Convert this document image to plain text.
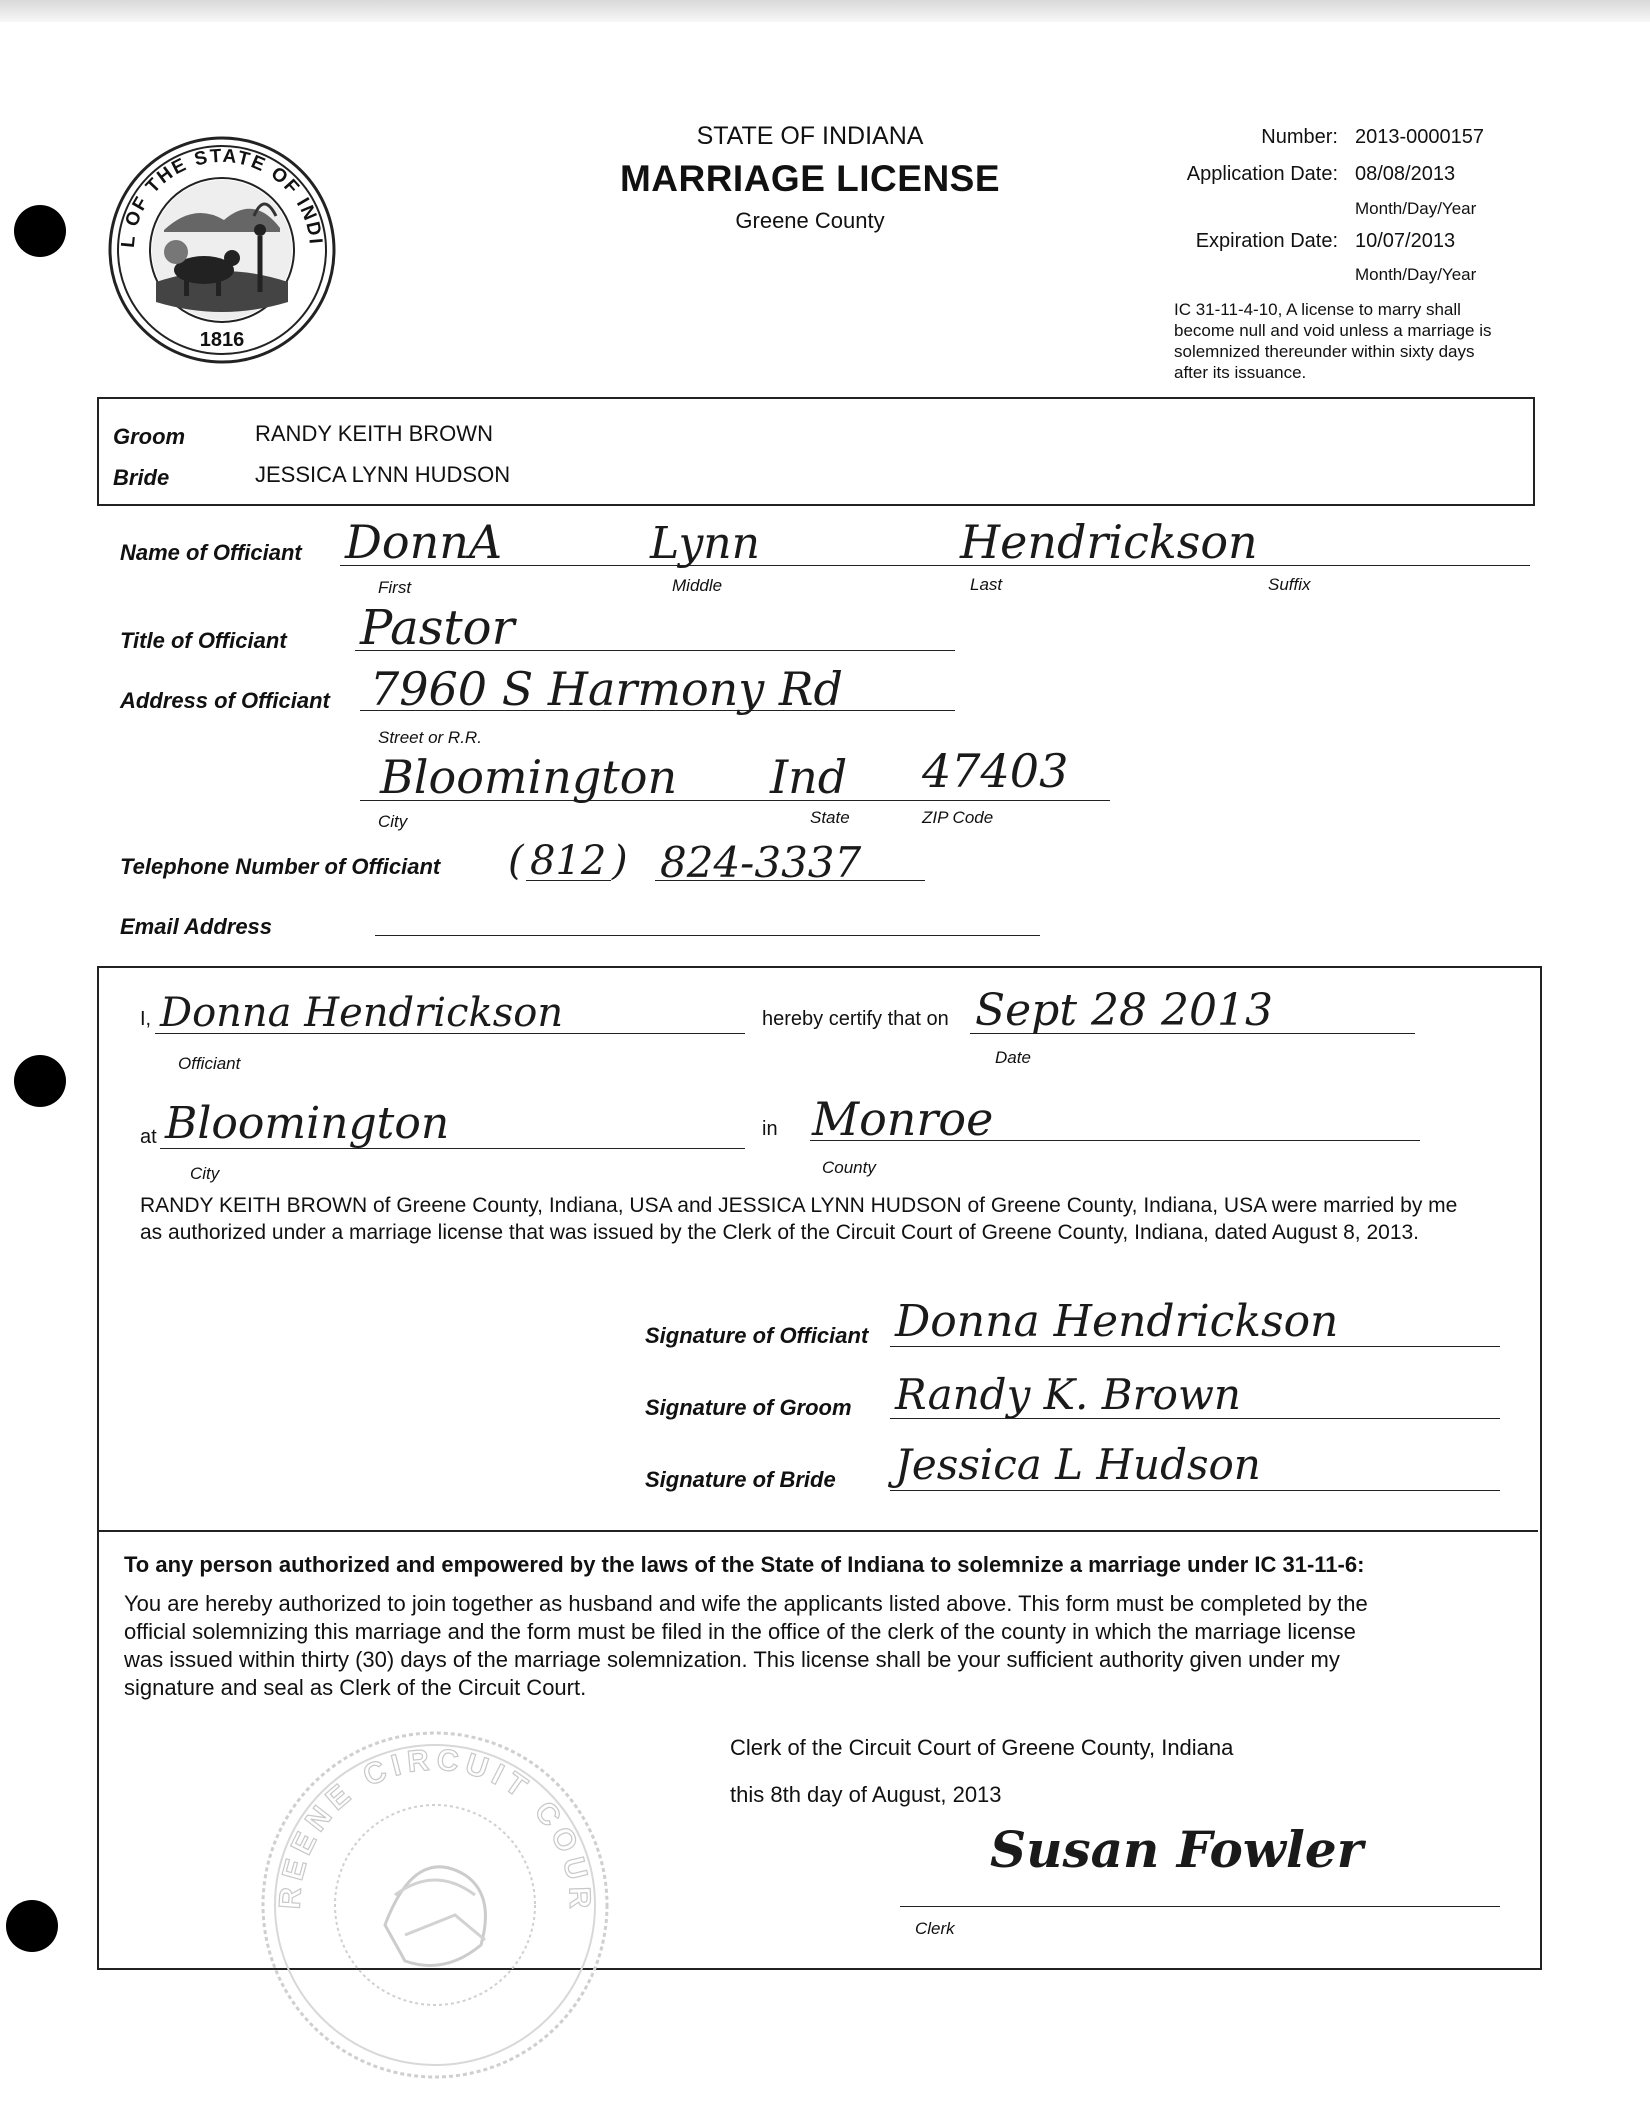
L OF THE STATE OF INDI
1816
STATE OF INDIANA
MARRIAGE LICENSE
Greene County
Number: 2013-0000157
Application Date: 08/08/2013
Month/Day/Year
Expiration Date: 10/07/2013
Month/Day/Year
IC 31-11-4-10, A license to marry shall become null and void unless a marriage is solemnized thereunder within sixty days after its issuance.
Groom	RANDY KEITH BROWN
Bride	JESSICA LYNN HUDSON
Name of Officiant DonnA	Lynn	Hendrickson
First	Middle	Last	Suffix
Title of Officiant Pastor
Address of Officiant 7960 S Harmony Rd
Street or R.R.
Bloomington Ind 47403
City	State	ZIP Code
Telephone Number of Officiant ( 812 ) 824-3337
Email Address
I, Donna Hendrickson
Officiant
hereby certify that on Sept 28 2013
Date
at Bloomington
City
in Monroe
County
RANDY KEITH BROWN of Greene County, Indiana, USA and JESSICA LYNN HUDSON of Greene County, Indiana, USA were married by me
as authorized under a marriage license that was issued by the Clerk of the Circuit Court of Greene County, Indiana, dated August 8, 2013.
Signature of Officiant Donna Hendrickson
Signature of Groom Randy K. Brown
Signature of Bride Jessica L Hudson
To any person authorized and empowered by the laws of the State of Indiana to solemnize a marriage under IC 31-11-6:
You are hereby authorized to join together as husband and wife the applicants listed above. This form must be completed by the
official solemnizing this marriage and the form must be filed in the office of the clerk of the county in which the marriage license
was issued within thirty (30) days of the marriage solemnization. This license shall be your sufficient authority given under my
signature and seal as Clerk of the Circuit Court.
Clerk of the Circuit Court of Greene County, Indiana
this 8th day of August, 2013
Susan Fowler
Clerk
REENE CIRCUIT COUR
